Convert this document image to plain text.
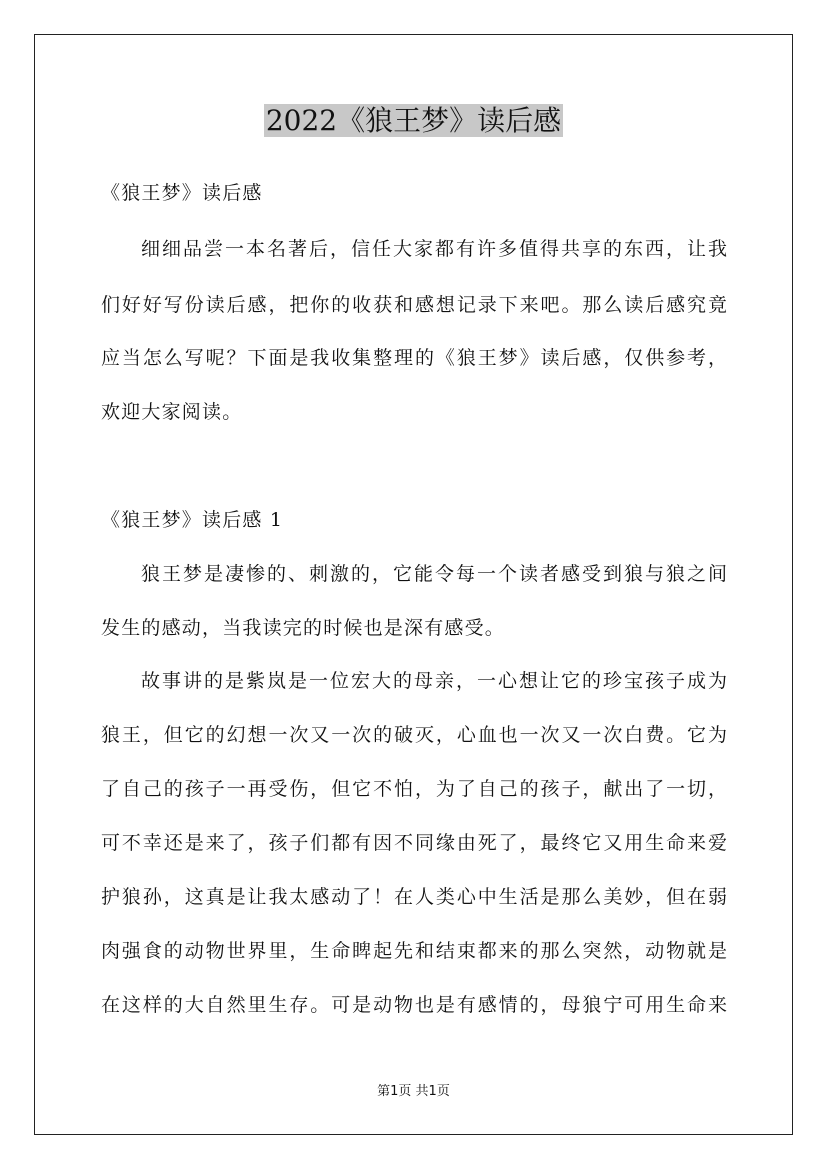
2022《狼王梦》读后感
《狼王梦》读后感
细细品尝一本名著后，信任大家都有许多值得共享的东西，让我
们好好写份读后感，把你的收获和感想记录下来吧。那么读后感究竟
应当怎么写呢？下面是我收集整理的《狼王梦》读后感，仅供参考，
欢迎大家阅读。
《狼王梦》读后感 1
狼王梦是凄惨的、刺激的，它能令每一个读者感受到狼与狼之间
发生的感动，当我读完的时候也是深有感受。
故事讲的是紫岚是一位宏大的母亲，一心想让它的珍宝孩子成为
狼王，但它的幻想一次又一次的破灭，心血也一次又一次白费。它为
了自己的孩子一再受伤，但它不怕，为了自己的孩子，献出了一切，
可不幸还是来了，孩子们都有因不同缘由死了，最终它又用生命来爱
护狼孙，这真是让我太感动了！在人类心中生活是那么美妙，但在弱
肉强食的动物世界里，生命睥起先和结束都来的那么突然，动物就是
在这样的大自然里生存。可是动物也是有感情的，母狼宁可用生命来
第1页 共1页
